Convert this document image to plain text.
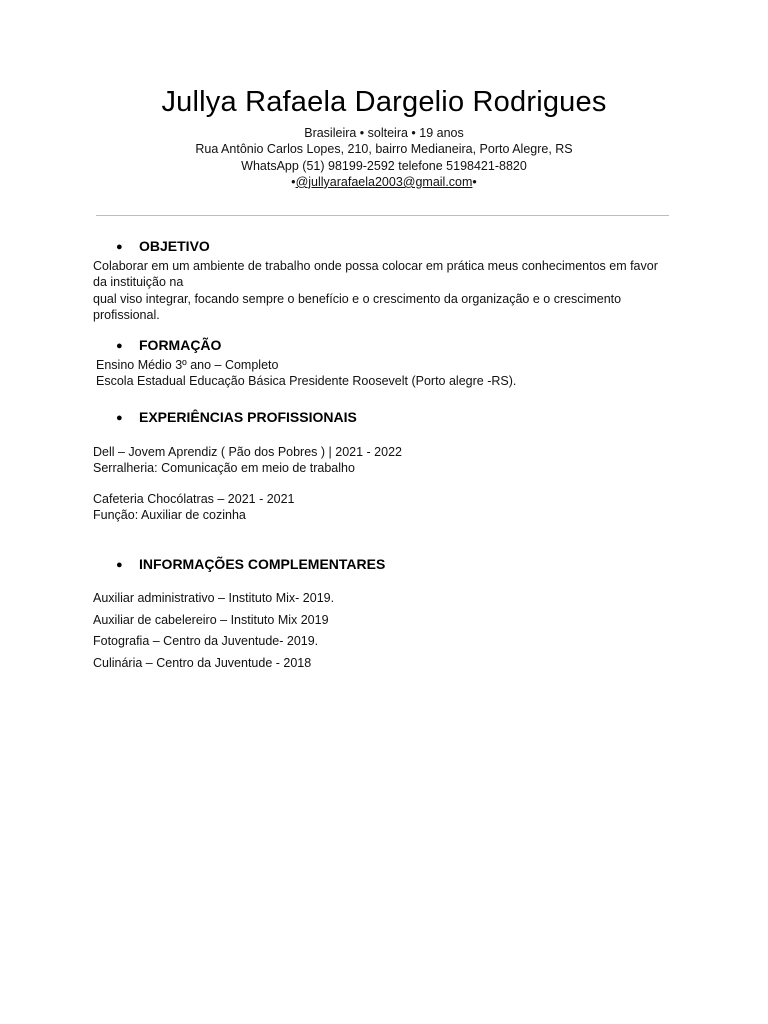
Jullya Rafaela Dargelio Rodrigues
Brasileira • solteira • 19 anos
Rua Antônio Carlos Lopes, 210, bairro Medianeira, Porto Alegre, RS
WhatsApp (51) 98199-2592 telefone 5198421-8820
•@jullyarafaela2003@gmail.com•
● OBJETIVO

Colaborar em um ambiente de trabalho onde possa colocar em prática meus conhecimentos em favor da instituição na

qual viso integrar, focando sempre o benefício e o crescimento da organização e o crescimento profissional.

● FORMAÇÃO

Ensino Médio 3º ano – Completo

Escola Estadual Educação Básica Presidente Roosevelt (Porto alegre -RS).

● EXPERIÊNCIAS PROFISSIONAIS

Dell – Jovem Aprendiz ( Pão dos Pobres ) | 2021 - 2022

Serralheria: Comunicação em meio de trabalho

Cafeteria Chocólatras – 2021 - 2021

Função: Auxiliar de cozinha

● INFORMAÇÕES COMPLEMENTARES

Auxiliar administrativo – Instituto Mix- 2019.

Auxiliar de cabelereiro – Instituto Mix 2019

Fotografia – Centro da Juventude- 2019.

Culinária – Centro da Juventude - 2018
